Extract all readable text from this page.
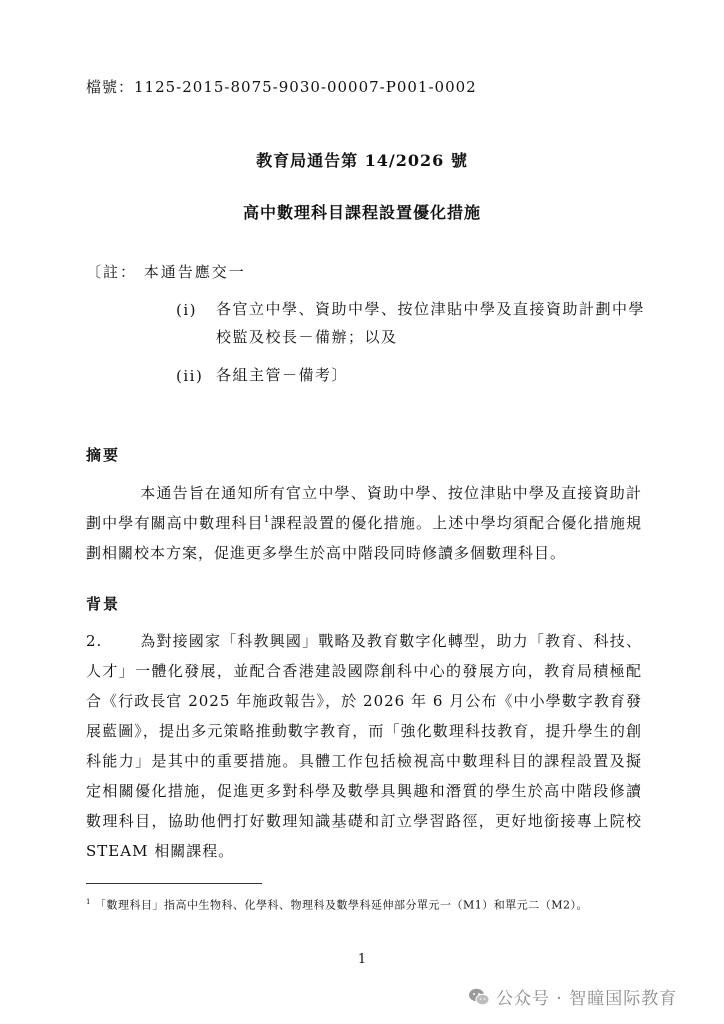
檔號：1125-2015-8075-9030-00007-P001-0002
教育局通告第 14/2026 號
高中數理科目課程設置優化措施
〔註： 本通告應交一
(i) 各官立中學、資助中學、按位津貼中學及直接資助計劃中學校監及校長－備辦；以及
(ii) 各組主管－備考〕
摘要
本通告旨在通知所有官立中學、資助中學、按位津貼中學及直接資助計劃中學有關高中數理科目$^1$課程設置的優化措施。上述中學均須配合優化措施規劃相關校本方案，促進更多學生於高中階段同時修讀多個數理科目。
背景
2.	為對接國家「科教興國」戰略及教育數字化轉型，助力「教育、科技、人才」一體化發展，並配合香港建設國際創科中心的發展方向，教育局積極配合《行政長官 2025 年施政報告》，於 2026 年 6 月公布《中小學數字教育發展藍圖》，提出多元策略推動數字教育，而「強化數理科技教育，提升學生的創科能力」是其中的重要措施。具體工作包括檢視高中數理科目的課程設置及擬定相關優化措施，促進更多對科學及數學具興趣和潛質的學生於高中階段修讀數理科目，協助他們打好數理知識基礎和訂立學習路徑，更好地銜接專上院校 STEAM 相關課程。
$^1$ 「數理科目」指高中生物科、化學科、物理科及數學科延伸部分單元一（M1）和單元二（M2）。
1
公众号 · 智瞳国际教育
